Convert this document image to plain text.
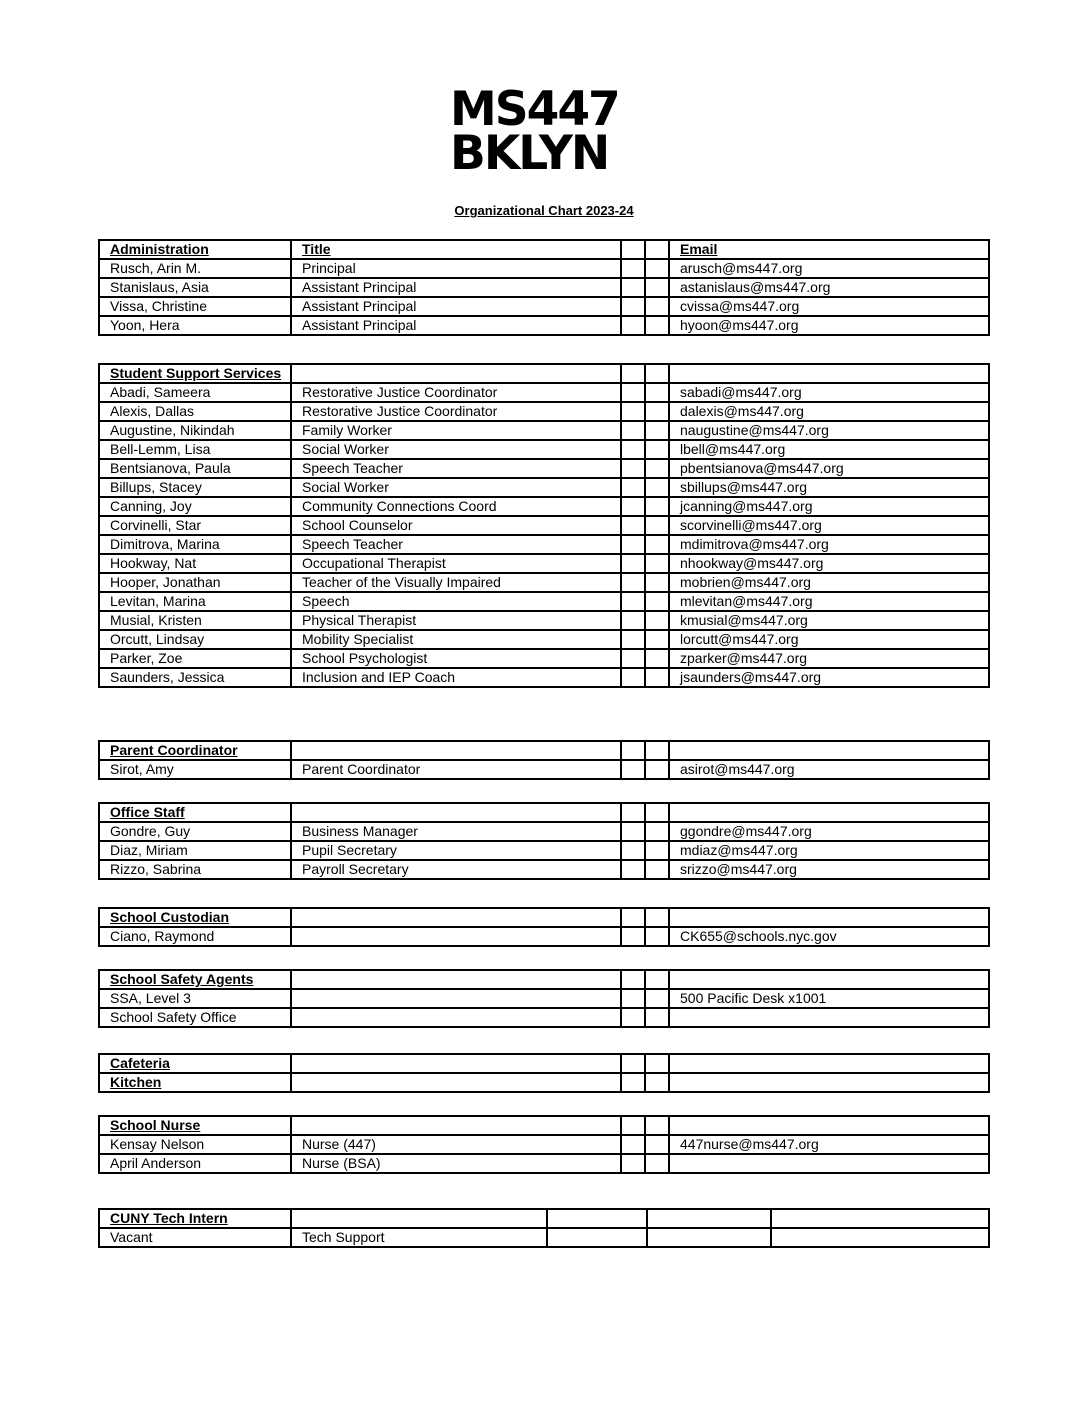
MS447
BKLYN
Organizational Chart 2023-24
Administration	Title			Email
Rusch, Arin M.	Principal			arusch@ms447.org
Stanislaus, Asia	Assistant Principal			astanislaus@ms447.org
Vissa, Christine	Assistant Principal			cvissa@ms447.org
Yoon, Hera	Assistant Principal			hyoon@ms447.org
Student Support Services				
Abadi, Sameera	Restorative Justice Coordinator			sabadi@ms447.org
Alexis, Dallas	Restorative Justice Coordinator			dalexis@ms447.org
Augustine, Nikindah	Family Worker			naugustine@ms447.org
Bell-Lemm, Lisa	Social Worker			lbell@ms447.org
Bentsianova, Paula	Speech Teacher			pbentsianova@ms447.org
Billups, Stacey	Social Worker			sbillups@ms447.org
Canning, Joy	Community Connections Coord			jcanning@ms447.org
Corvinelli, Star	School Counselor			scorvinelli@ms447.org
Dimitrova, Marina	Speech Teacher			mdimitrova@ms447.org
Hookway, Nat	Occupational Therapist			nhookway@ms447.org
Hooper, Jonathan	Teacher of the Visually Impaired			mobrien@ms447.org
Levitan, Marina	Speech			mlevitan@ms447.org
Musial, Kristen	Physical Therapist			kmusial@ms447.org
Orcutt, Lindsay	Mobility Specialist			lorcutt@ms447.org
Parker, Zoe	School Psychologist			zparker@ms447.org
Saunders, Jessica	Inclusion and IEP Coach			jsaunders@ms447.org
Parent Coordinator				
Sirot, Amy	Parent Coordinator			asirot@ms447.org
Office Staff				
Gondre, Guy	Business Manager			ggondre@ms447.org
Diaz, Miriam	Pupil Secretary			mdiaz@ms447.org
Rizzo, Sabrina	Payroll Secretary			srizzo@ms447.org
School Custodian				
Ciano, Raymond				CK655@schools.nyc.gov
School Safety Agents				
SSA, Level 3				500 Pacific Desk x1001
School Safety Office				
Cafeteria				
Kitchen				
School Nurse				
Kensay Nelson	Nurse (447)			447nurse@ms447.org
April Anderson	Nurse (BSA)			
CUNY Tech Intern				
Vacant	Tech Support			
